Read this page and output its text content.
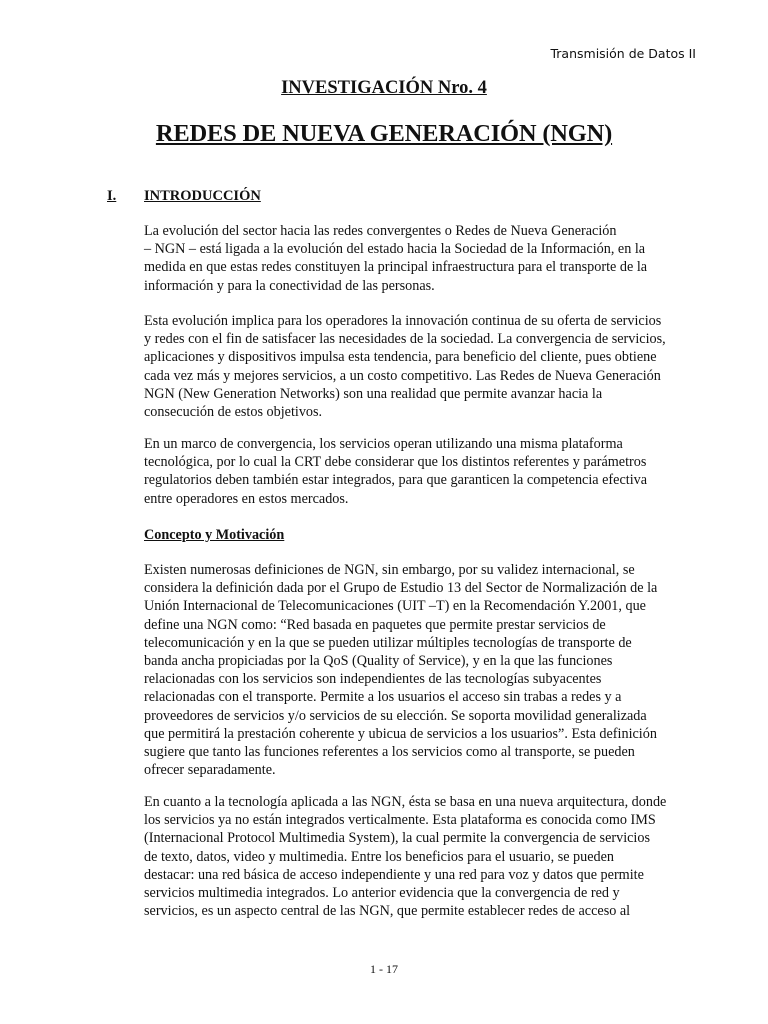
Transmisión de Datos II
INVESTIGACIÓN Nro. 4
REDES DE NUEVA GENERACIÓN (NGN)
I. INTRODUCCIÓN
La evolución del sector hacia las redes convergentes o Redes de Nueva Generación
– NGN – está ligada a la evolución del estado hacia la Sociedad de la Información, en la
medida en que estas redes constituyen la principal infraestructura para el transporte de la
información y para la conectividad de las personas.
Esta evolución implica para los operadores la innovación continua de su oferta de servicios
y redes con el fin de satisfacer las necesidades de la sociedad. La convergencia de servicios,
aplicaciones y dispositivos impulsa esta tendencia, para beneficio del cliente, pues obtiene
cada vez más y mejores servicios, a un costo competitivo. Las Redes de Nueva Generación
NGN (New Generation Networks) son una realidad que permite avanzar hacia la
consecución de estos objetivos.
En un marco de convergencia, los servicios operan utilizando una misma plataforma
tecnológica, por lo cual la CRT debe considerar que los distintos referentes y parámetros
regulatorios deben también estar integrados, para que garanticen la competencia efectiva
entre operadores en estos mercados.
Concepto y Motivación
Existen numerosas definiciones de NGN, sin embargo, por su validez internacional, se
considera la definición dada por el Grupo de Estudio 13 del Sector de Normalización de la
Unión Internacional de Telecomunicaciones (UIT –T) en la Recomendación Y.2001, que
define una NGN como: “Red basada en paquetes que permite prestar servicios de
telecomunicación y en la que se pueden utilizar múltiples tecnologías de transporte de
banda ancha propiciadas por la QoS (Quality of Service), y en la que las funciones
relacionadas con los servicios son independientes de las tecnologías subyacentes
relacionadas con el transporte. Permite a los usuarios el acceso sin trabas a redes y a
proveedores de servicios y/o servicios de su elección. Se soporta movilidad generalizada
que permitirá la prestación coherente y ubicua de servicios a los usuarios”. Esta definición
sugiere que tanto las funciones referentes a los servicios como al transporte, se pueden
ofrecer separadamente.
En cuanto a la tecnología aplicada a las NGN, ésta se basa en una nueva arquitectura, donde
los servicios ya no están integrados verticalmente. Esta plataforma es conocida como IMS
(Internacional Protocol Multimedia System), la cual permite la convergencia de servicios
de texto, datos, video y multimedia. Entre los beneficios para el usuario, se pueden
destacar: una red básica de acceso independiente y una red para voz y datos que permite
servicios multimedia integrados. Lo anterior evidencia que la convergencia de red y
servicios, es un aspecto central de las NGN, que permite establecer redes de acceso al
1 - 17
